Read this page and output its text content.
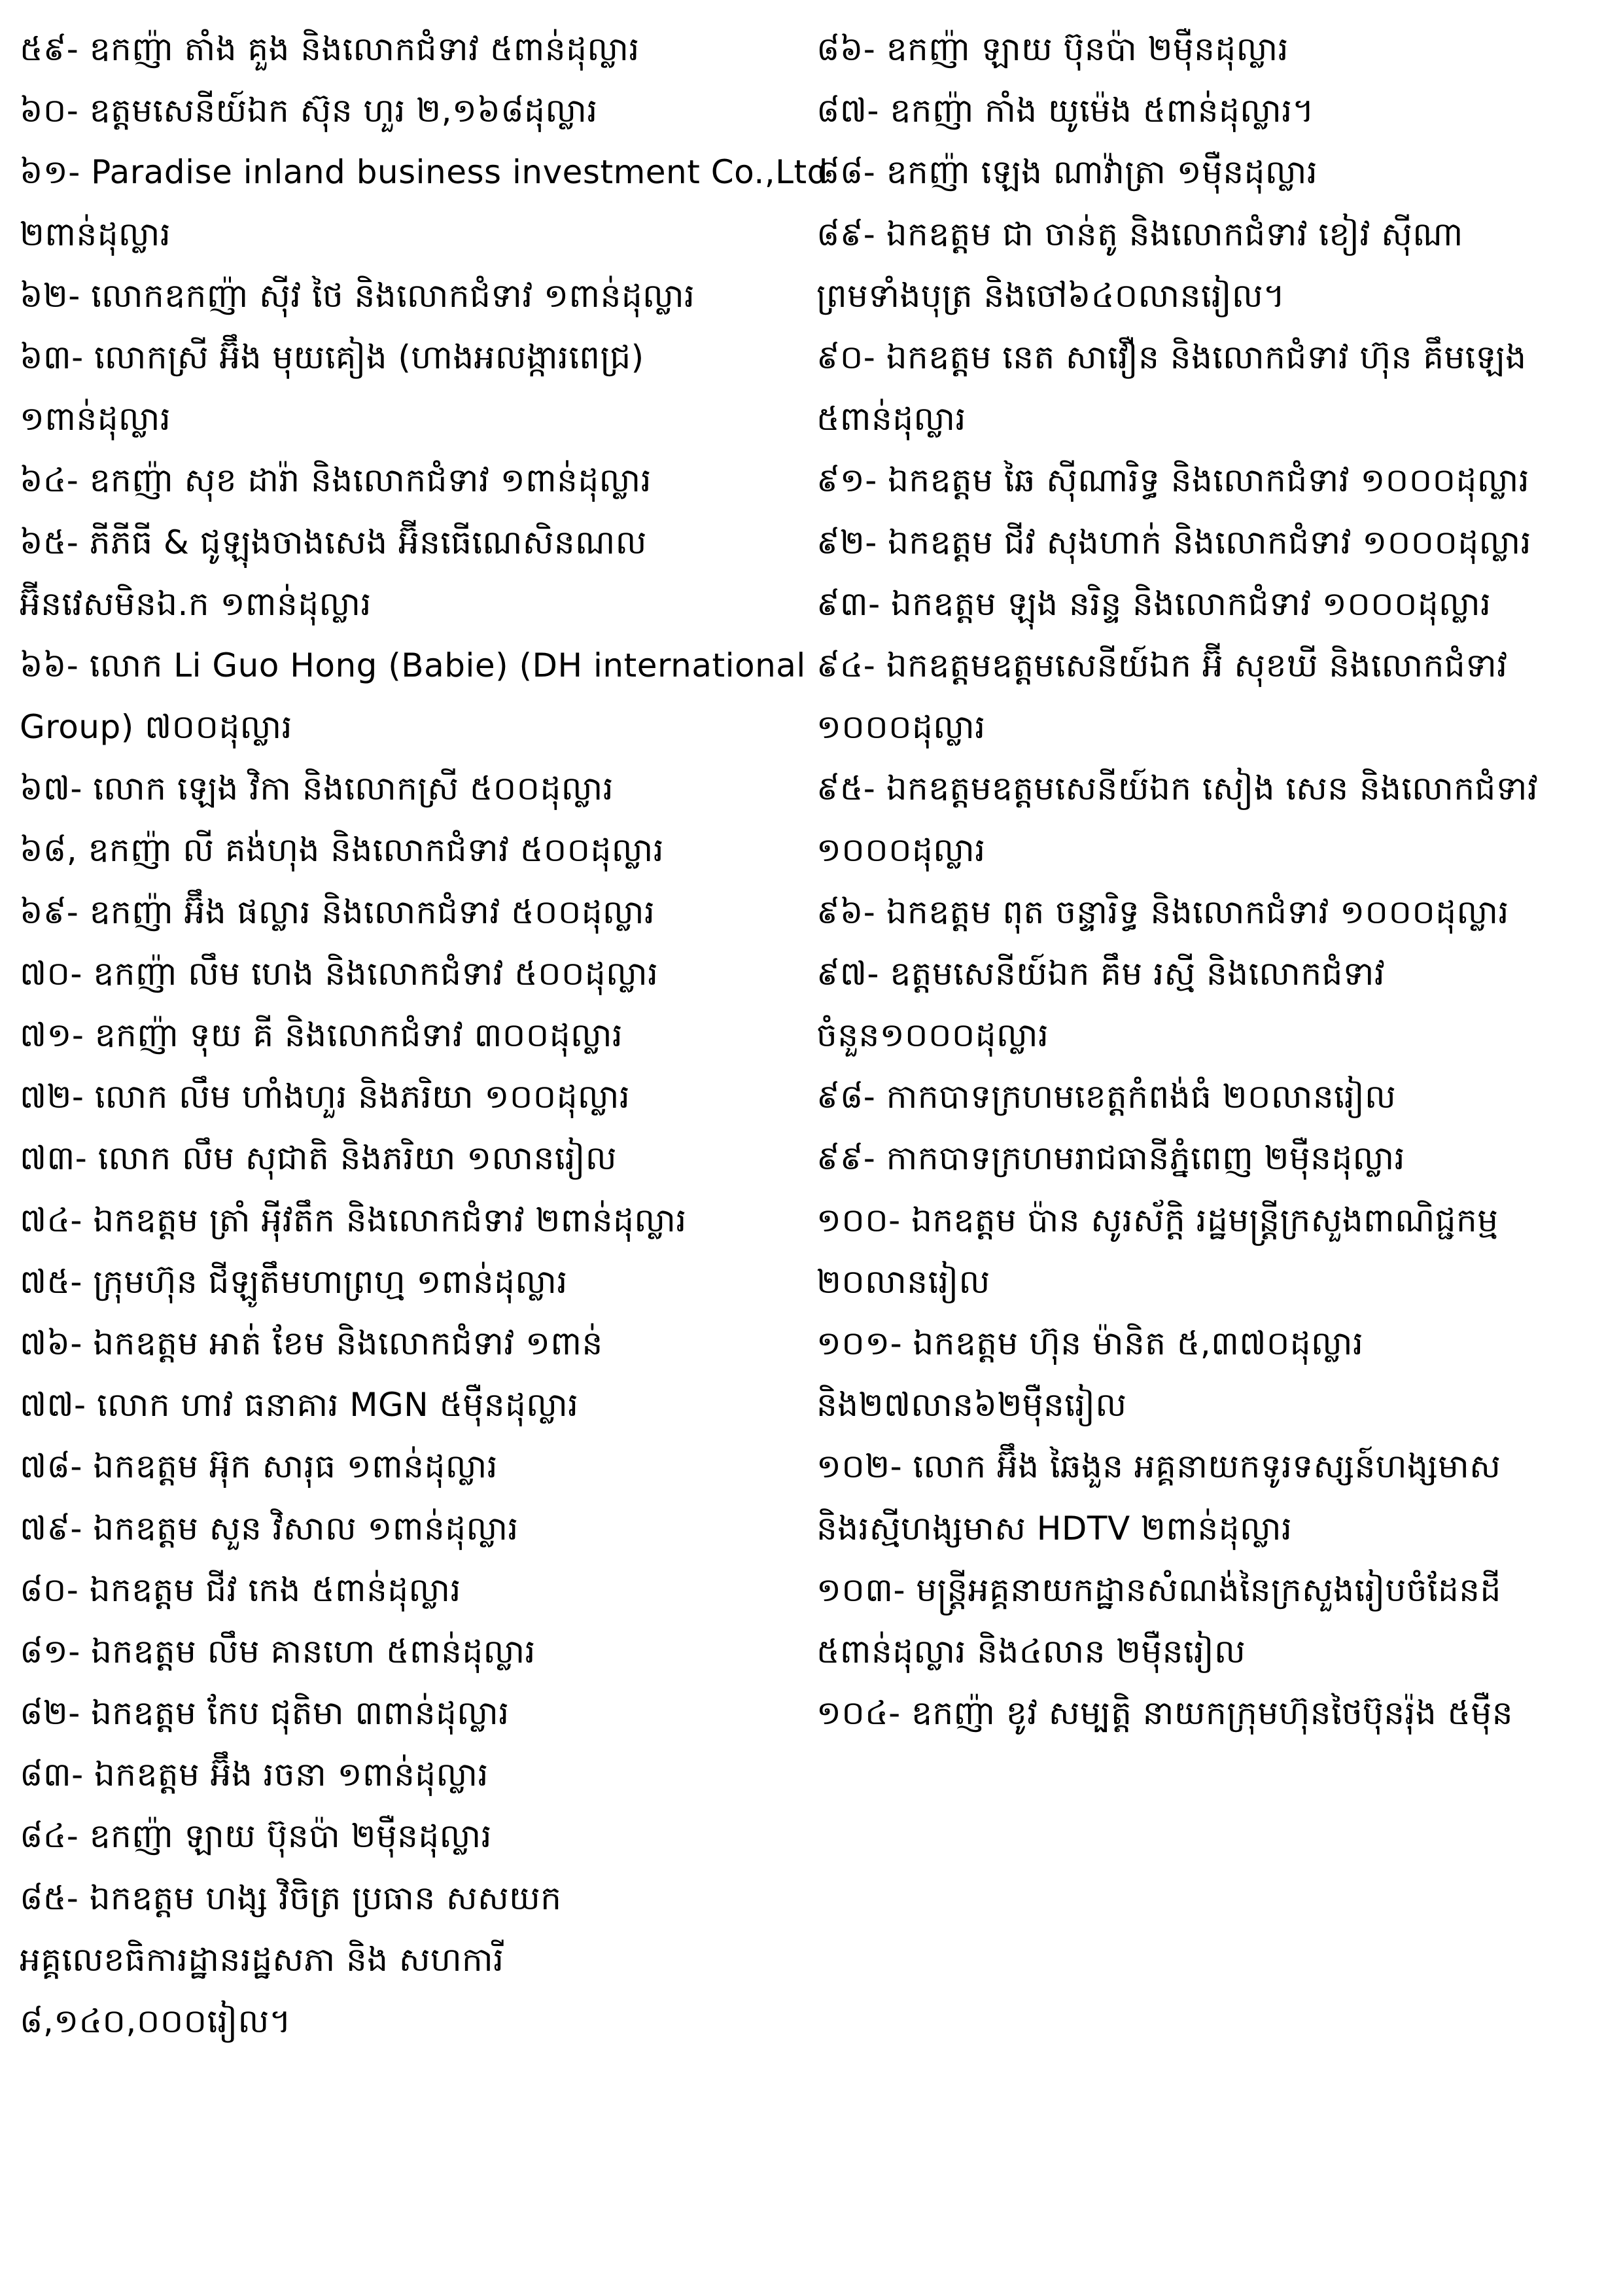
៥៩- ឧកញ៉ា តាំង គួង និងលោកជំទាវ ៥ពាន់ដុល្លារ
៦០- ឧត្តមសេនីយ៍ឯក ស៊ុន ហួរ ២,១៦៨ដុល្លារ
៦១- Paradise inland business investment Co.,Ltd
២ពាន់ដុល្លារ
៦២- លោកឧកញ៉ា ស៊ីវ ថៃ និងលោកជំទាវ ១ពាន់ដុល្លារ
៦៣- លោកស្រី អ៊ឹង មុយគៀង (ហាងអលង្ការពេជ្រ)
១ពាន់ដុល្លារ
៦៤- ឧកញ៉ា សុខ ដារ៉ា និងលោកជំទាវ ១ពាន់ដុល្លារ
៦៥- ភីភីធី & ជូឡុងចាងសេង អ៊ីនធើណេសិនណល
អ៊ីនវេសមិនឯ.ក ១ពាន់ដុល្លារ
៦៦- លោក Li Guo Hong (Babie) (DH international
Group) ៧០០ដុល្លារ
៦៧- លោក ឡេង វិកា និងលោកស្រី ៥០០ដុល្លារ
៦៨, ឧកញ៉ា លី គង់ហុង និងលោកជំទាវ ៥០០ដុល្លារ
៦៩- ឧកញ៉ា អ៊ឹង ផល្លារ និងលោកជំទាវ ៥០០ដុល្លារ
៧០- ឧកញ៉ា លឹម ហេង និងលោកជំទាវ ៥០០ដុល្លារ
៧១- ឧកញ៉ា ទុយ គី និងលោកជំទាវ ៣០០ដុល្លារ
៧២- លោក លឹម ហាំងហួរ និងភរិយា ១០០ដុល្លារ
៧៣- លោក លឹម សុជាតិ និងភរិយា ១លានរៀល
៧៤- ឯកឧត្តម ត្រាំ អ៉ីវតឹក និងលោកជំទាវ ២ពាន់ដុល្លារ
៧៥- ក្រុមហ៊ុន ជីឡូតឹមហាព្រហ្ម ១ពាន់ដុល្លារ
៧៦- ឯកឧត្តម អាត់ ខែម និងលោកជំទាវ ១ពាន់
៧៧- លោក ហាវ ធនាគារ MGN ៥ម៉ឺនដុល្លារ
៧៨- ឯកឧត្តម អ៊ុក សារុធ ១ពាន់ដុល្លារ
៧៩- ឯកឧត្តម សួន វិសាល ១ពាន់ដុល្លារ
៨០- ឯកឧត្តម ជីវ កេង ៥ពាន់ដុល្លារ
៨១- ឯកឧត្តម លឹម គានហោ ៥ពាន់ដុល្លារ
៨២- ឯកឧត្តម កែប ជុតិមា ៣ពាន់ដុល្លារ
៨៣- ឯកឧត្តម អ៊ឹង រចនា ១ពាន់ដុល្លារ
៨៤- ឧកញ៉ា ឡាយ ប៊ុនប៉ា ២ម៉ឺនដុល្លារ
៨៥- ឯកឧត្តម ហង្ស វិចិត្រ ប្រធាន សសយក
អគ្គលេខធិការដ្ឋានរដ្ឋសភា និង សហការី
៨,១៤០,០០០រៀល។
៨៦- ឧកញ៉ា ឡាយ ប៊ុនប៉ា ២ម៉ឺនដុល្លារ
៨៧- ឧកញ៉ា កាំង យូម៉េង ៥ពាន់ដុល្លារ។
៨៨- ឧកញ៉ា ឡេង ណាវ៉ាត្រា ១ម៉ឺនដុល្លារ
៨៩- ឯកឧត្តម ជា ចាន់តូ និងលោកជំទាវ ខៀវ ស៊ីណា
ព្រមទាំងបុត្រ និងចៅ៦៤០លានរៀល។
៩០- ឯកឧត្តម នេត សាវឿន និងលោកជំទាវ ហ៊ុន គឹមឡេង
៥ពាន់ដុល្លារ
៩១- ឯកឧត្តម ឆៃ ស៊ីណារិទ្ធ និងលោកជំទាវ ១០០០ដុល្លារ
៩២- ឯកឧត្តម ជីវ សុងហាក់ និងលោកជំទាវ ១០០០ដុល្លារ
៩៣- ឯកឧត្តម ឡុង នរិន្ទ និងលោកជំទាវ ១០០០ដុល្លារ
៩៤- ឯកឧត្តមឧត្តមសេនីយ៍ឯក អ៊ី សុខឃី និងលោកជំទាវ
១០០០ដុល្លារ
៩៥- ឯកឧត្តមឧត្តមសេនីយ៍ឯក សៀង សេន និងលោកជំទាវ
១០០០ដុល្លារ
៩៦- ឯកឧត្តម ពុត ចន្ទារិទ្ធ និងលោកជំទាវ ១០០០ដុល្លារ
៩៧- ឧត្តមសេនីយ៍ឯក គឹម រស្មី និងលោកជំទាវ
ចំនួន១០០០ដុល្លារ
៩៨- កាកបាទក្រហមខេត្តកំពង់ធំ ២០លានរៀល
៩៩- កាកបាទក្រហមរាជធានីភ្នំពេញ ២ម៉ឺនដុល្លារ
១០០- ឯកឧត្តម ប៉ាន សូរស័ក្តិ រដ្ឋមន្ត្រីក្រសួងពាណិជ្ជកម្ម
២០លានរៀល
១០១- ឯកឧត្តម ហ៊ុន ម៉ានិត ៥,៣៧០ដុល្លារ
និង២៧លាន៦២ម៉ឺនរៀល
១០២- លោក អ៊ឹង ឆៃងួន អគ្គនាយកទូរទស្សន៍ហង្សមាស
និងរស្មីហង្សមាស HDTV ២ពាន់ដុល្លារ
១០៣- មន្ត្រីអគ្គនាយកដ្ឋានសំណង់នៃក្រសួងរៀបចំដែនដី
៥ពាន់ដុល្លារ និង៤លាន ២ម៉ឺនរៀល
១០៤- ឧកញ៉ា ខូវ សម្បត្តិ នាយកក្រុមហ៊ុនថៃប៊ុនរ៉ុង ៥ម៉ឺន
